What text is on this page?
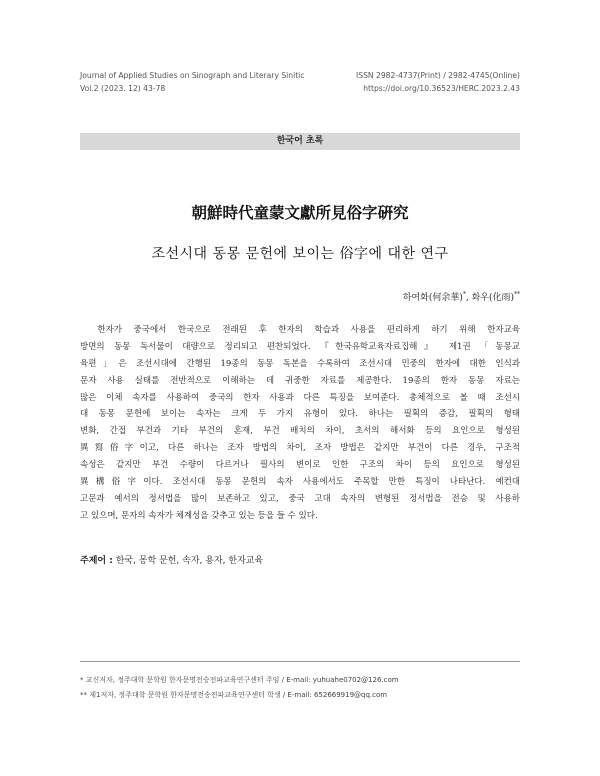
Journal of Applied Studies on Sinograph and Literary Sinitic
Vol.2 (2023. 12) 43-78
ISSN 2982-4737(Print) / 2982-4745(Online)
https://doi.org/10.36523/HERC.2023.2.43
한국어 초록
朝鮮時代童蒙文獻所見俗字硏究
조선시대 동몽 문헌에 보이는 俗字에 대한 연구
하여화(何余華)*, 화우(化雨)**
　한자가 중국에서 한국으로 전래된 후 한자의 학습과 사용을 편리하게 하기 위해 한자교육
방면의 동몽 독서물이 대량으로 정리되고 편찬되었다. 『한국유학교육자료집해』 제1권 「동몽교
육편」은 조선시대에 간행된 19종의 동몽 독본을 수록하여 조선시대 민중의 한자에 대한 인식과
문자 사용 실태를 전반적으로 이해하는 데 귀중한 자료를 제공한다. 19종의 한자 동몽 자료는
많은 이체 속자를 사용하여 중국의 한자 사용과 다른 특징을 보여준다. 총체적으로 볼 때 조선시
대 동몽 문헌에 보이는 속자는 크게 두 가지 유형이 있다. 하나는 필획의 증감, 필획의 형태
변화, 간접 부건과 기타 부건의 혼재, 부건 배치의 차이, 초서의 해서화 등의 요인으로 형성된
異寫俗字이고, 다른 하나는 조자 방법의 차이, 조자 방법은 같지만 부건이 다른 경우, 구조적
속성은 같지만 부건 수량이 다르거나 필사의 변이로 인한 구조의 차이 등의 요인으로 형성된
異構俗字이다. 조선시대 동몽 문헌의 속자 사용에서도 주목할 만한 특징이 나타난다. 예컨대
고문과 예서의 정서법을 많이 보존하고 있고, 중국 고대 속자의 변형된 정서법을 전승 및 사용하
고 있으며, 문자의 속자가 체계성을 갖추고 있는 등을 들 수 있다.
주제어 : 한국, 몽학 문헌, 속자, 용자, 한자교육
* 교신저자, 정주대학 문학원 한자문명전승전파교육연구센터 주임 / E-mail: yuhuahe0702@126.com
** 제1저자, 정주대학 문학원 한자문명전승전파교육연구센터 학생 / E-mail: 652669919@qq.com
